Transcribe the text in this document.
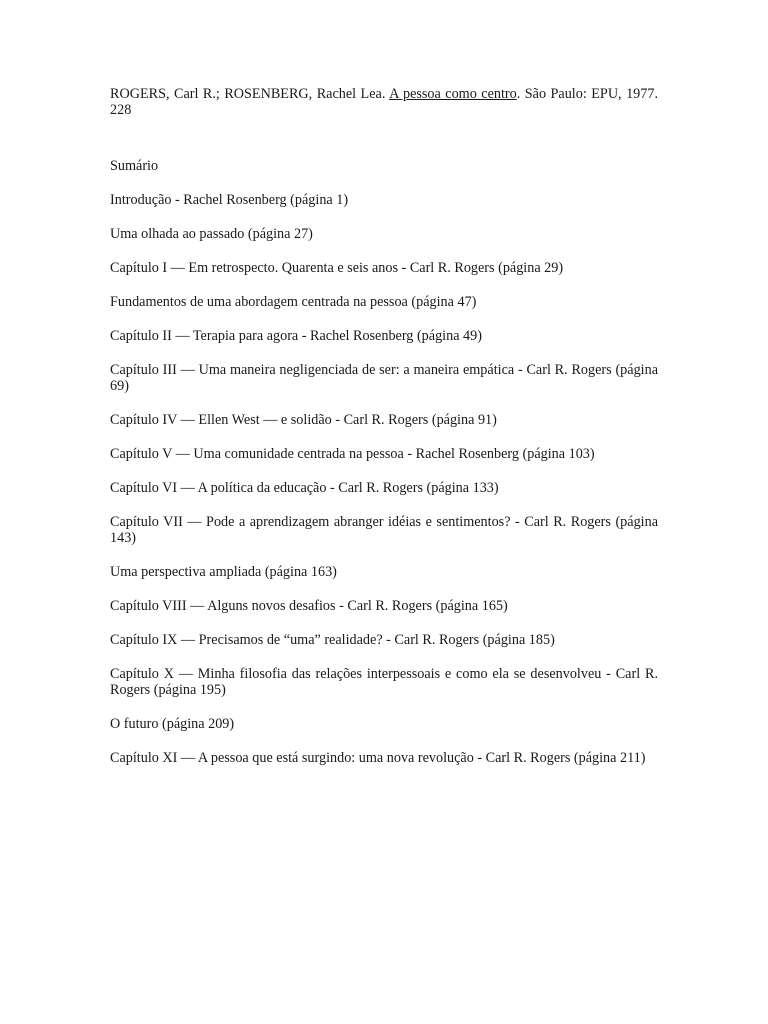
ROGERS, Carl R.; ROSENBERG, Rachel Lea. A pessoa como centro. São Paulo: EPU, 1977. 228

Sumário

Introdução - Rachel Rosenberg (página 1)

Uma olhada ao passado (página 27)

Capítulo I — Em retrospecto. Quarenta e seis anos - Carl R. Rogers (página 29)

Fundamentos de uma abordagem centrada na pessoa (página 47)

Capítulo II — Terapia para agora - Rachel Rosenberg (página 49)

Capítulo III — Uma maneira negligenciada de ser: a maneira empática - Carl R. Rogers (página 69)

Capítulo IV — Ellen West — e solidão - Carl R. Rogers (página 91)

Capítulo V — Uma comunidade centrada na pessoa - Rachel Rosenberg (página 103)

Capítulo VI — A política da educação - Carl R. Rogers (página 133)

Capítulo VII — Pode a aprendizagem abranger idéias e sentimentos? - Carl R. Rogers (página 143)

Uma perspectiva ampliada (página 163)

Capítulo VIII — Alguns novos desafios - Carl R. Rogers (página 165)

Capítulo IX — Precisamos de “uma” realidade? - Carl R. Rogers (página 185)

Capítulo X — Minha filosofia das relações interpessoais e como ela se desenvolveu - Carl R. Rogers (página 195)

O futuro (página 209)

Capítulo XI — A pessoa que está surgindo: uma nova revolução - Carl R. Rogers (página 211)
